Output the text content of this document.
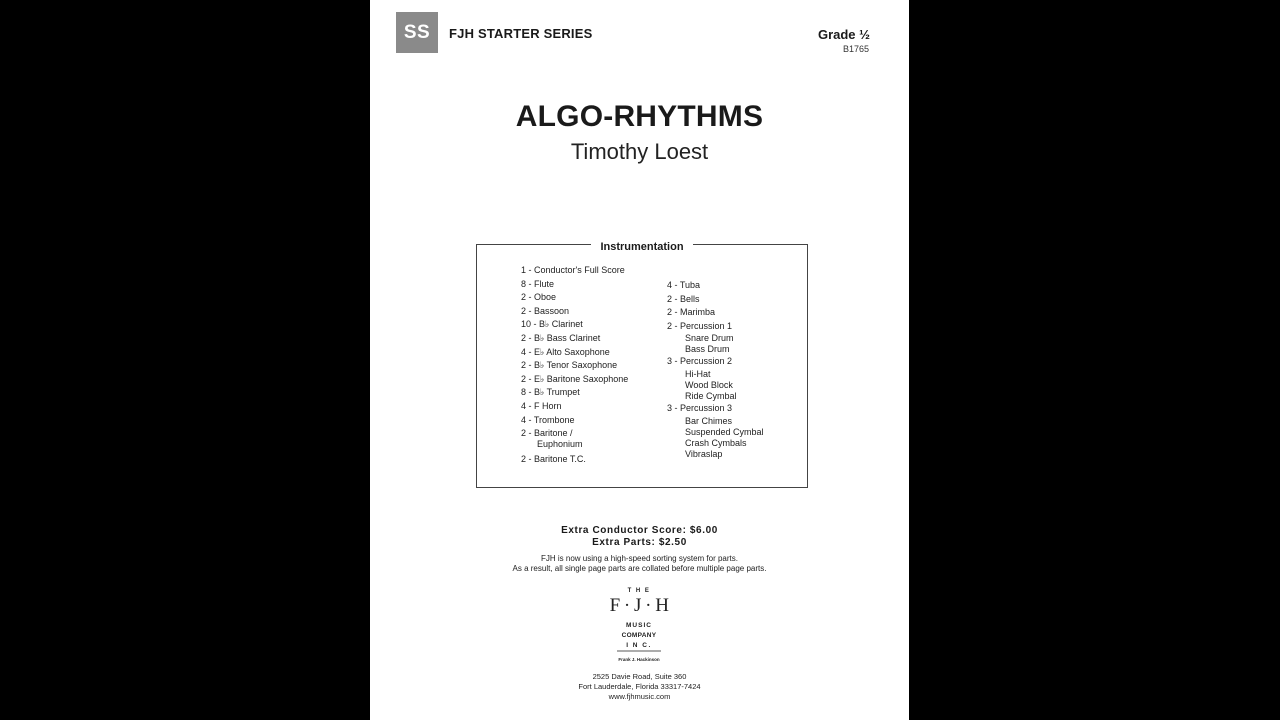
SS	FJH STARTER SERIES	Grade ½
B1765
ALGO-RHYTHMS
Timothy Loest
Instrumentation
1 - Conductor's Full Score
8 - Flute
2 - Oboe
2 - Bassoon
10 - B♭ Clarinet
2 - B♭ Bass Clarinet
4 - E♭ Alto Saxophone
2 - B♭ Tenor Saxophone
2 - E♭ Baritone Saxophone
8 - B♭ Trumpet
4 - F Horn
4 - Trombone
2 - Baritone /
Euphonium
2 - Baritone T.C.
4 - Tuba
2 - Bells
2 - Marimba
2 - Percussion 1
Snare Drum
Bass Drum
3 - Percussion 2
Hi-Hat
Wood Block
Ride Cymbal
3 - Percussion 3
Bar Chimes
Suspended Cymbal
Crash Cymbals
Vibraslap
Extra Conductor Score: $6.00
Extra Parts: $2.50
FJH is now using a high-speed sorting system for parts.
As a result, all single page parts are collated before multiple page parts.
T H E
F · J · H
MUSIC
COMPANY
I N C.
Frank J. Hackinson
2525 Davie Road, Suite 360
Fort Lauderdale, Florida 33317-7424
www.fjhmusic.com
